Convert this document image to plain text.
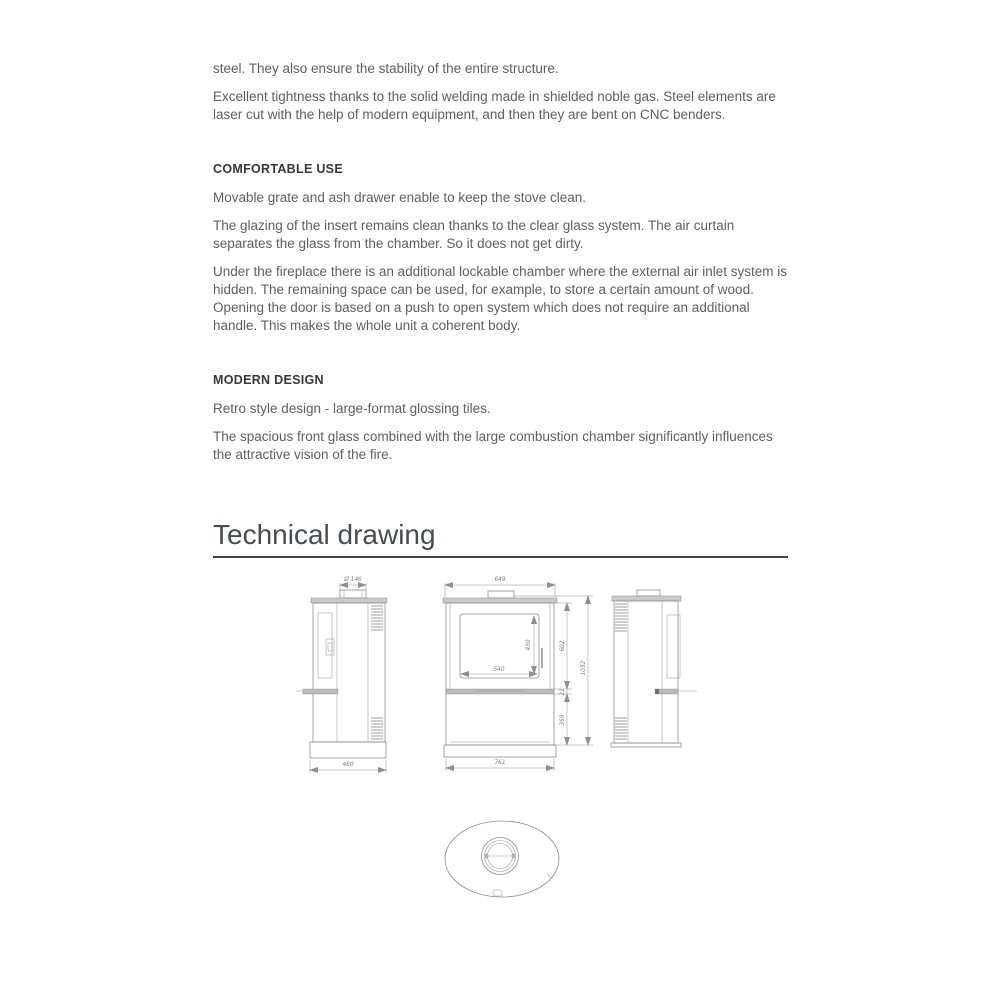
steel. They also ensure the stability of the entire structure.

Excellent tightness thanks to the solid welding made in shielded noble gas. Steel elements are laser cut with the help of modern equipment, and then they are bent on CNC benders.

COMFORTABLE USE

Movable grate and ash drawer enable to keep the stove clean.

The glazing of the insert remains clean thanks to the clear glass system. The air curtain separates the glass from the chamber. So it does not get dirty.

Under the fireplace there is an additional lockable chamber where the external air inlet system is hidden. The remaining space can be used, for example, to store a certain amount of wood. Opening the door is based on a push to open system which does not require an additional handle. This makes the whole unit a coherent body.

MODERN DESIGN

Retro style design - large-format glossing tiles.

The spacious front glass combined with the large combustion chamber significantly influences the attractive vision of the fire.

Technical drawing
Ø 146
460
649
540
430
761
602
21
369
1052
